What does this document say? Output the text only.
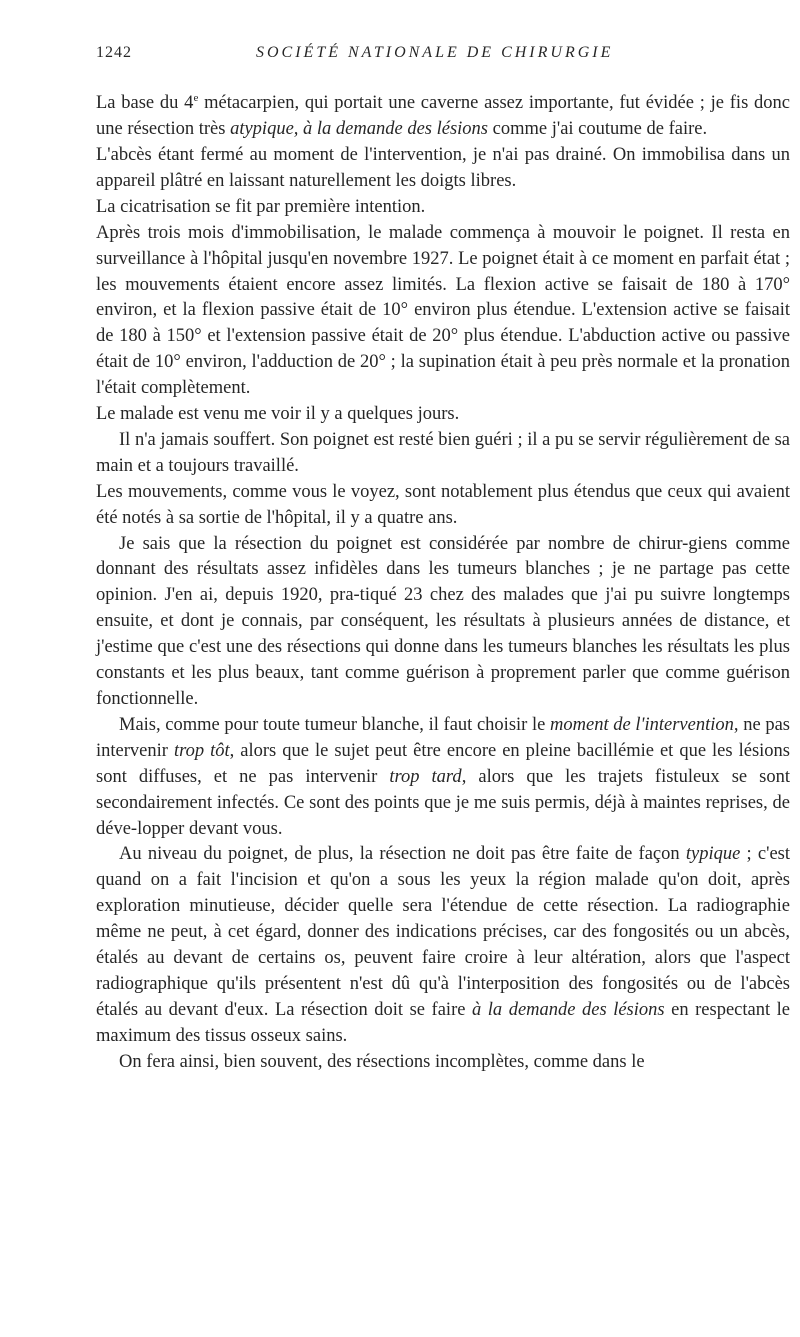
1242	SOCIÉTÉ NATIONALE DE CHIRURGIE

La base du 4e métacarpien, qui portait une caverne assez importante, fut évidée ; je fis donc une résection très atypique, à la demande des lésions comme j'ai coutume de faire.

L'abcès étant fermé au moment de l'intervention, je n'ai pas drainé. On immobilisa dans un appareil plâtré en laissant naturellement les doigts libres.

La cicatrisation se fit par première intention.

Après trois mois d'immobilisation, le malade commença à mouvoir le poignet. Il resta en surveillance à l'hôpital jusqu'en novembre 1927. Le poignet était à ce moment en parfait état ; les mouvements étaient encore assez limités. La flexion active se faisait de 180 à 170° environ, et la flexion passive était de 10° environ plus étendue. L'extension active se faisait de 180 à 150° et l'extension passive était de 20° plus étendue. L'abduction active ou passive était de 10° environ, l'adduction de 20° ; la supination était à peu près normale et la pronation l'était complètement.

Le malade est venu me voir il y a quelques jours.

Il n'a jamais souffert. Son poignet est resté bien guéri ; il a pu se servir régulièrement de sa main et a toujours travaillé.

Les mouvements, comme vous le voyez, sont notablement plus étendus que ceux qui avaient été notés à sa sortie de l'hôpital, il y a quatre ans.

Je sais que la résection du poignet est considérée par nombre de chirur-giens comme donnant des résultats assez infidèles dans les tumeurs blanches ; je ne partage pas cette opinion. J'en ai, depuis 1920, pra-tiqué 23 chez des malades que j'ai pu suivre longtemps ensuite, et dont je connais, par conséquent, les résultats à plusieurs années de distance, et j'estime que c'est une des résections qui donne dans les tumeurs blanches les résultats les plus constants et les plus beaux, tant comme guérison à proprement parler que comme guérison fonctionnelle.

Mais, comme pour toute tumeur blanche, il faut choisir le moment de l'intervention, ne pas intervenir trop tôt, alors que le sujet peut être encore en pleine bacillémie et que les lésions sont diffuses, et ne pas intervenir trop tard, alors que les trajets fistuleux se sont secondairement infectés. Ce sont des points que je me suis permis, déjà à maintes reprises, de déve-lopper devant vous.

Au niveau du poignet, de plus, la résection ne doit pas être faite de façon typique ; c'est quand on a fait l'incision et qu'on a sous les yeux la région malade qu'on doit, après exploration minutieuse, décider quelle sera l'étendue de cette résection. La radiographie même ne peut, à cet égard, donner des indications précises, car des fongosités ou un abcès, étalés au devant de certains os, peuvent faire croire à leur altération, alors que l'aspect radiographique qu'ils présentent n'est dû qu'à l'interposition des fongosités ou de l'abcès étalés au devant d'eux. La résection doit se faire à la demande des lésions en respectant le maximum des tissus osseux sains.

On fera ainsi, bien souvent, des résections incomplètes, comme dans le
